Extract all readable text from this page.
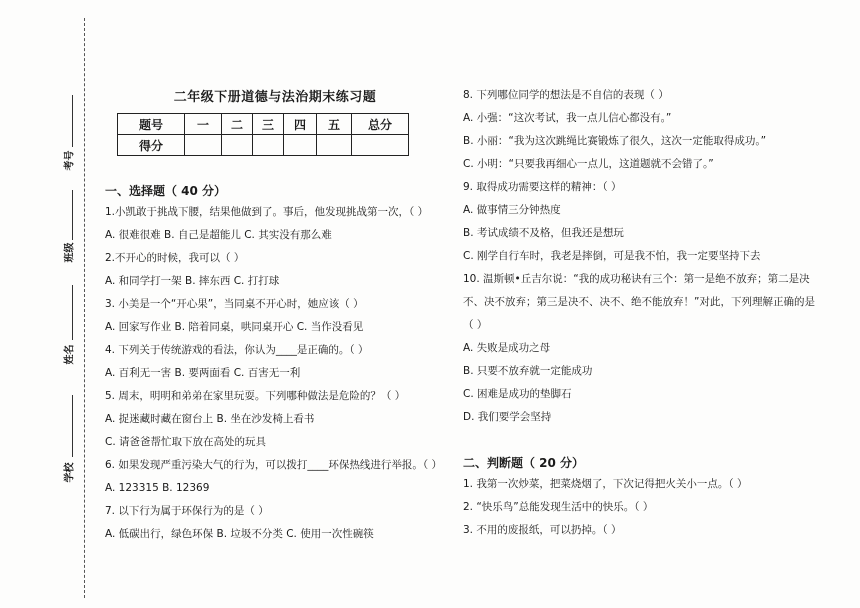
考号
班级
姓名
学校
二年级下册道德与法治期末练习题
题号	一	二	三	四	五	总分
得分						

一、选择题（ 40 分）

1.小凯敢于挑战下腰，结果他做到了。事后，他发现挑战第一次，（ ）

A. 很难很难 B. 自己是超能儿 C. 其实没有那么难

2.不开心的时候，我可以（ ）

A. 和同学打一架 B. 摔东西 C. 打打球

3. 小美是一个“开心果”，当同桌不开心时，她应该（ ）

A. 回家写作业 B. 陪着同桌，哄同桌开心 C. 当作没看见

4. 下列关于传统游戏的看法，你认为____是正确的。（ ）

A. 百利无一害 B. 要两面看 C. 百害无一利

5. 周末，明明和弟弟在家里玩耍。下列哪种做法是危险的？（ ）

A. 捉迷藏时藏在窗台上 B. 坐在沙发椅上看书

C. 请爸爸帮忙取下放在高处的玩具

6. 如果发现严重污染大气的行为，可以拨打____环保热线进行举报。（ ）

A. 123315 B. 12369

7. 以下行为属于环保行为的是（ ）

A. 低碳出行，绿色环保 B. 垃圾不分类 C. 使用一次性碗筷

8. 下列哪位同学的想法是不自信的表现（ ）

A. 小强：“这次考试，我一点儿信心都没有。”

B. 小丽：“我为这次跳绳比赛锻炼了很久，这次一定能取得成功。”

C. 小明：“只要我再细心一点儿，这道题就不会错了。”

9. 取得成功需要这样的精神：（ ）

A. 做事情三分钟热度

B. 考试成绩不及格，但我还是想玩

C. 刚学自行车时，我老是摔倒，可是我不怕，我一定要坚持下去

10. 温斯顿•丘吉尔说：“我的成功秘诀有三个：第一是绝不放弃；第二是决

不、决不放弃；第三是决不、决不、绝不能放弃！”对此，下列理解正确的是

（ ）

A. 失败是成功之母

B. 只要不放弃就一定能成功

C. 困难是成功的垫脚石

D. 我们要学会坚持

二、判断题（ 20 分）

1. 我第一次炒菜，把菜烧烟了，下次记得把火关小一点。（ ）

2. “快乐鸟”总能发现生活中的快乐。（ ）

3. 不用的废报纸，可以扔掉。（ ）
